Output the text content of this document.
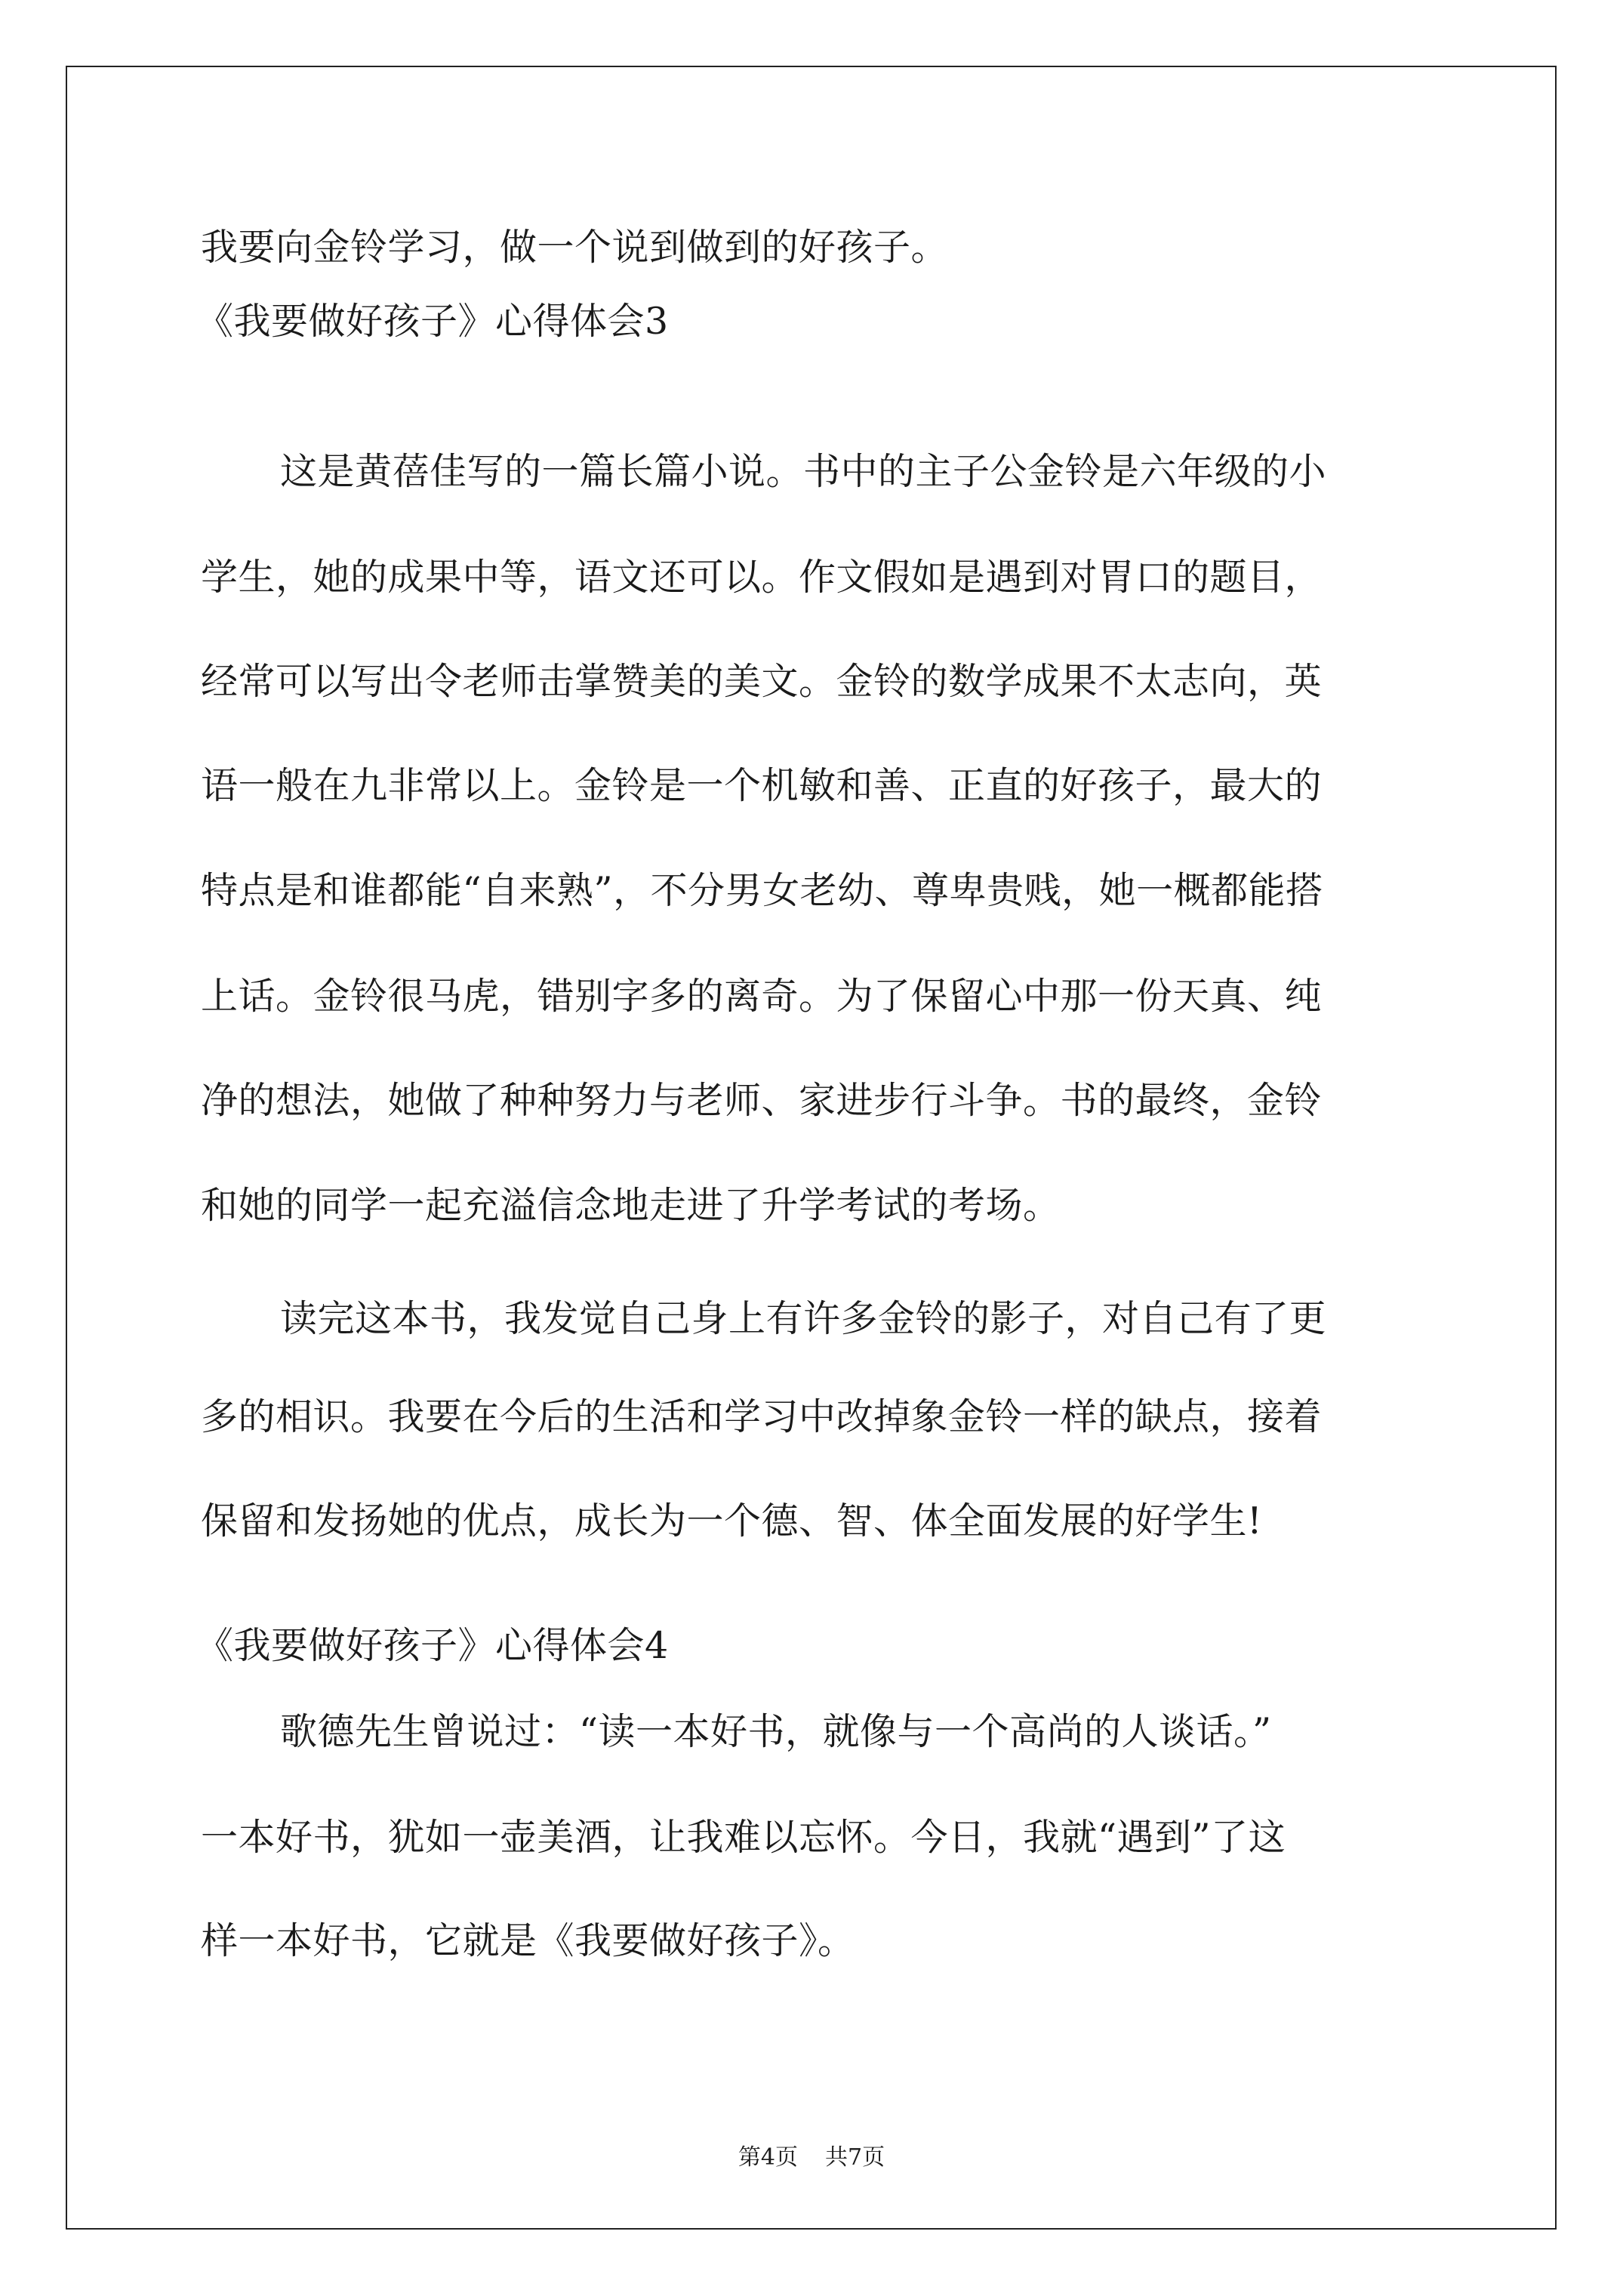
我要向金铃学习，做一个说到做到的好孩子。
《我要做好孩子》心得体会3
这是黄蓓佳写的一篇长篇小说。书中的主子公金铃是六年级的小
学生，她的成果中等，语文还可以。作文假如是遇到对胃口的题目，
经常可以写出令老师击掌赞美的美文。金铃的数学成果不太志向，英
语一般在九非常以上。金铃是一个机敏和善、正直的好孩子，最大的
特点是和谁都能“自来熟”，不分男女老幼、尊卑贵贱，她一概都能搭
上话。金铃很马虎，错别字多的离奇。为了保留心中那一份天真、纯
净的想法，她做了种种努力与老师、家进步行斗争。书的最终，金铃
和她的同学一起充溢信念地走进了升学考试的考场。
读完这本书，我发觉自己身上有许多金铃的影子，对自己有了更
多的相识。我要在今后的生活和学习中改掉象金铃一样的缺点，接着
保留和发扬她的优点，成长为一个德、智、体全面发展的好学生!
《我要做好孩子》心得体会4
歌德先生曾说过：“读一本好书，就像与一个高尚的人谈话。”
一本好书，犹如一壶美酒，让我难以忘怀。今日，我就“遇到”了这
样一本好书，它就是《我要做好孩子》。
第4页 共7页
